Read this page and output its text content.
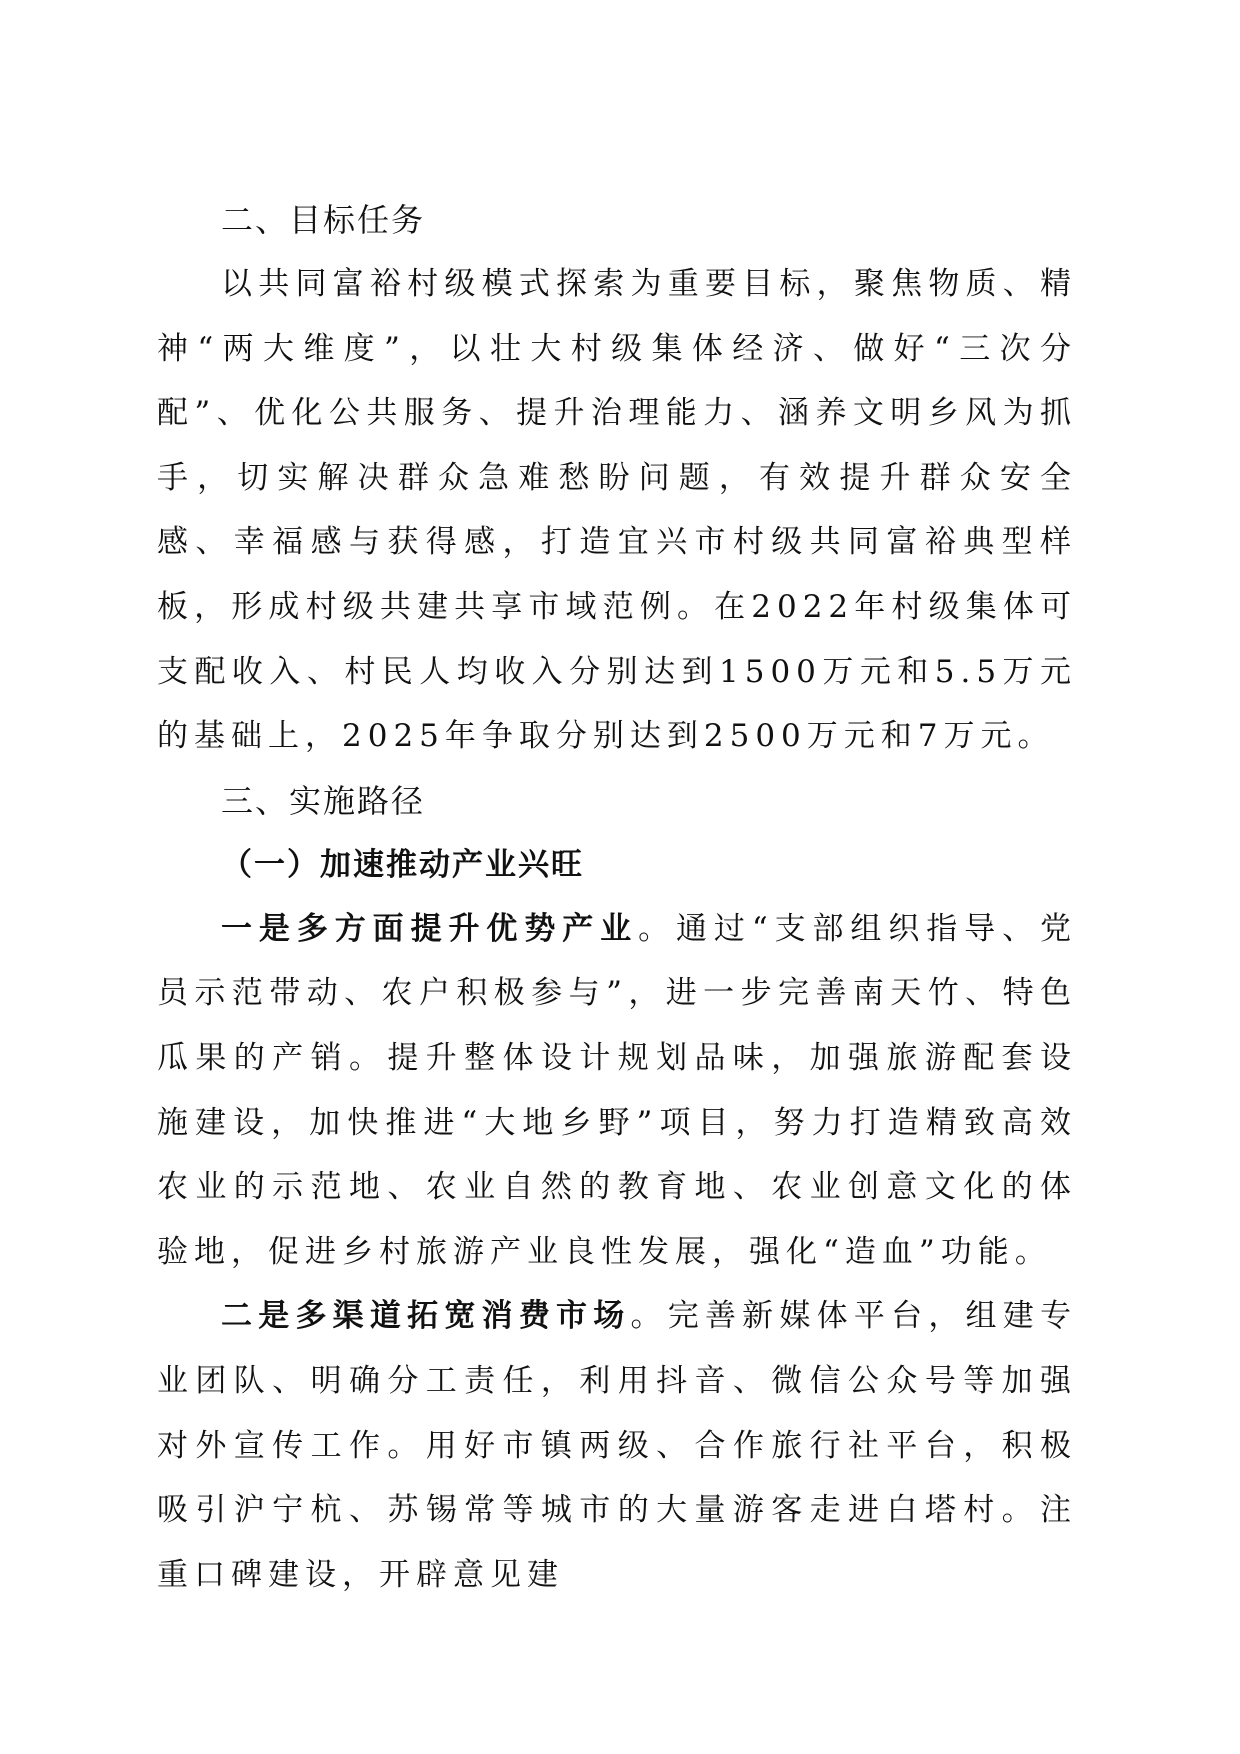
二、目标任务

以共同富裕村级模式探索为重要目标，聚焦物质、精神“两大维度”，以壮大村级集体经济、做好“三次分配”、优化公共服务、提升治理能力、涵养文明乡风为抓手，切实解决群众急难愁盼问题，有效提升群众安全感、幸福感与获得感，打造宜兴市村级共同富裕典型样板，形成村级共建共享市域范例。在2022年村级集体可支配收入、村民人均收入分别达到1500万元和5.5万元的基础上，2025年争取分别达到2500万元和7万元。

三、实施路径

（一）加速推动产业兴旺

一是多方面提升优势产业。通过“支部组织指导、党员示范带动、农户积极参与”，进一步完善南天竹、特色瓜果的产销。提升整体设计规划品味，加强旅游配套设施建设，加快推进“大地乡野”项目，努力打造精致高效农业的示范地、农业自然的教育地、农业创意文化的体验地，促进乡村旅游产业良性发展，强化“造血”功能。

二是多渠道拓宽消费市场。完善新媒体平台，组建专业团队、明确分工责任，利用抖音、微信公众号等加强对外宣传工作。用好市镇两级、合作旅行社平台，积极吸引沪宁杭、苏锡常等城市的大量游客走进白塔村。注重口碑建设，开辟意见建
